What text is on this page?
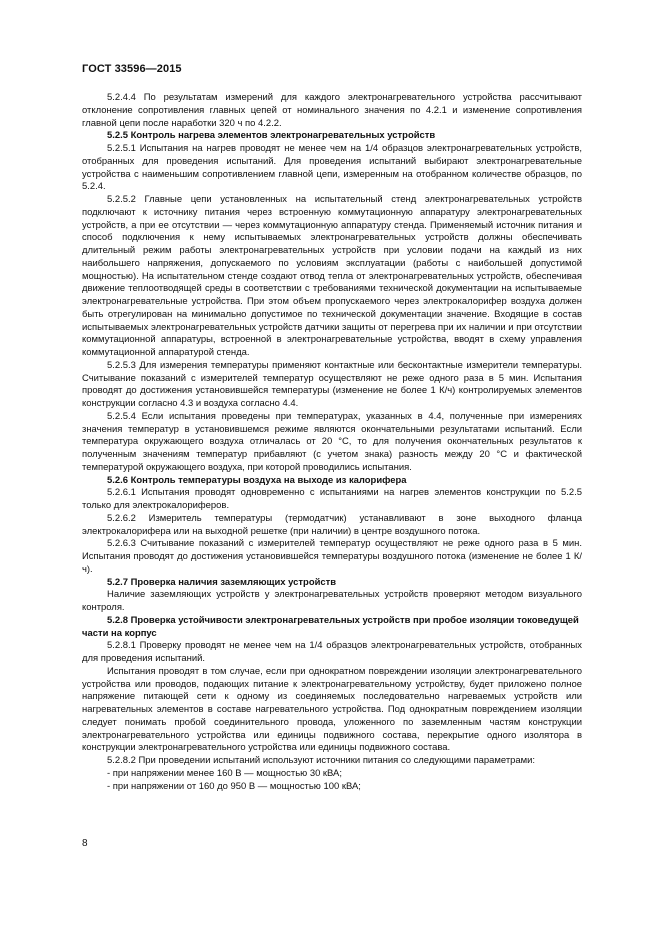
ГОСТ 33596—2015

5.2.4.4 По результатам измерений для каждого электронагревательного устройства рассчитывают отклонение сопротивления главных цепей от номинального значения по 4.2.1 и изменение сопротивления главной цепи после наработки 320 ч по 4.2.2.

5.2.5 Контроль нагрева элементов электронагревательных устройств

5.2.5.1 Испытания на нагрев проводят не менее чем на 1/4 образцов электронагревательных устройств, отобранных для проведения испытаний. Для проведения испытаний выбирают электронагревательные устройства с наименьшим сопротивлением главной цепи, измеренным на отобранном количестве образцов, по 5.2.4.

5.2.5.2 Главные цепи установленных на испытательный стенд электронагревательных устройств подключают к источнику питания через встроенную коммутационную аппаратуру электронагревательных устройств, а при ее отсутствии — через коммутационную аппаратуру стенда. Применяемый источник питания и способ подключения к нему испытываемых электронагревательных устройств должны обеспечивать длительный режим работы электронагревательных устройств при условии подачи на каждый из них наибольшего напряжения, допускаемого по условиям эксплуатации (работы с наибольшей допустимой мощностью). На испытательном стенде создают отвод тепла от электронагревательных устройств, обеспечивая движение теплоотводящей среды в соответствии с требованиями технической документации на испытываемые электронагревательные устройства. При этом объем пропускаемого через электрокалорифер воздуха должен быть отрегулирован на минимально допустимое по технической документации значение. Входящие в состав испытываемых электронагревательных устройств датчики защиты от перегрева при их наличии и при отсутствии коммутационной аппаратуры, встроенной в электронагревательные устройства, вводят в схему управления коммутационной аппаратурой стенда.

5.2.5.3 Для измерения температуры применяют контактные или бесконтактные измерители температуры. Считывание показаний с измерителей температур осуществляют не реже одного раза в 5 мин. Испытания проводят до достижения установившейся температуры (изменение не более 1 К/ч) контролируемых элементов конструкции согласно 4.3 и воздуха согласно 4.4.

5.2.5.4 Если испытания проведены при температурах, указанных в 4.4, полученные при измерениях значения температур в установившемся режиме являются окончательными результатами испытаний. Если температура окружающего воздуха отличалась от 20 °С, то для получения окончательных результатов к полученным значениям температур прибавляют (с учетом знака) разность между 20 °С и фактической температурой окружающего воздуха, при которой проводились испытания.

5.2.6 Контроль температуры воздуха на выходе из калорифера

5.2.6.1 Испытания проводят одновременно с испытаниями на нагрев элементов конструкции по 5.2.5 только для электрокалориферов.

5.2.6.2 Измеритель температуры (термодатчик) устанавливают в зоне выходного фланца электрокалорифера или на выходной решетке (при наличии) в центре воздушного потока.

5.2.6.3 Считывание показаний с измерителей температур осуществляют не реже одного раза в 5 мин. Испытания проводят до достижения установившейся температуры воздушного потока (изменение не более 1 К/ч).

5.2.7 Проверка наличия заземляющих устройств

Наличие заземляющих устройств у электронагревательных устройств проверяют методом визуального контроля.

5.2.8 Проверка устойчивости электронагревательных устройств при пробое изоляции токоведущей части на корпус

5.2.8.1 Проверку проводят не менее чем на 1/4 образцов электронагревательных устройств, отобранных для проведения испытаний.

Испытания проводят в том случае, если при однократном повреждении изоляции электронагревательного устройства или проводов, подающих питание к электронагревательному устройству, будет приложено полное напряжение питающей сети к одному из соединяемых последовательно нагреваемых устройств или нагревательных элементов в составе нагревательного устройства. Под однократным повреждением изоляции следует понимать пробой соединительного провода, уложенного по заземленным частям конструкции электронагревательного устройства или единицы подвижного состава, перекрытие одного изолятора в конструкции электронагревательного устройства или единицы подвижного состава.

5.2.8.2 При проведении испытаний используют источники питания со следующими параметрами:

- при напряжении менее 160 В — мощностью 30 кВА;

- при напряжении от 160 до 950 В — мощностью 100 кВА;

8
